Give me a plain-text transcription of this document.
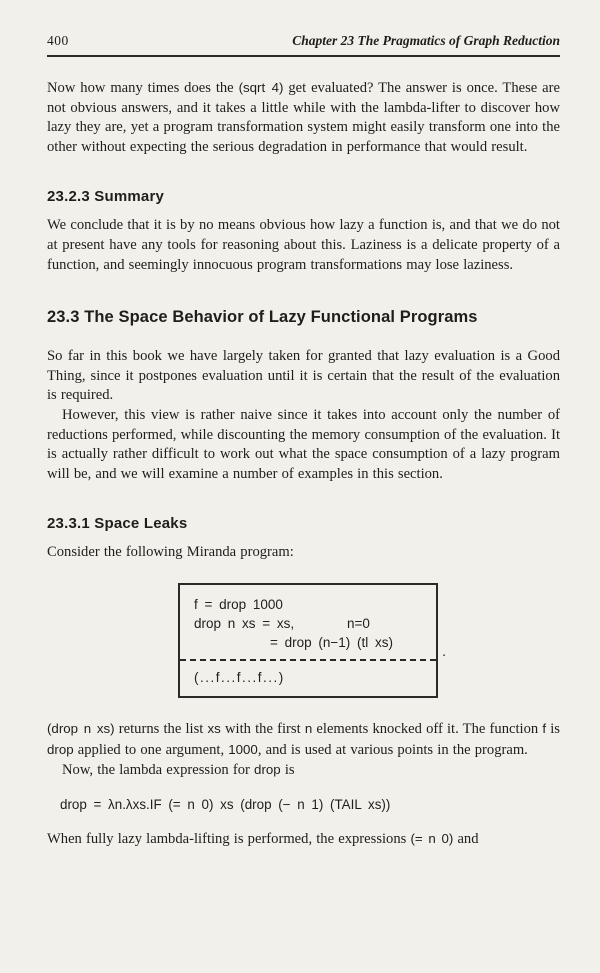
400	Chapter 23 The Pragmatics of Graph Reduction

Now how many times does the (sqrt 4) get evaluated? The answer is once. These are not obvious answers, and it takes a little while with the lambda-lifter to discover how lazy they are, yet a program transformation system might easily transform one into the other without expecting the serious degradation in performance that would result.

23.2.3 Summary

We conclude that it is by no means obvious how lazy a function is, and that we do not at present have any tools for reasoning about this. Laziness is a delicate property of a function, and seemingly innocuous program transformations may lose laziness.

23.3 The Space Behavior of Lazy Functional Programs

So far in this book we have largely taken for granted that lazy evaluation is a Good Thing, since it postpones evaluation until it is certain that the result of the evaluation is required.

However, this view is rather naive since it takes into account only the number of reductions performed, while discounting the memory consumption of the evaluation. It is actually rather difficult to work out what the space consumption of a lazy program will be, and we will examine a number of examples in this section.

23.3.1 Space Leaks

Consider the following Miranda program:

f = drop 1000
drop n xs = xs,	n=0
= drop (n−1) (tl xs)
(...f...f...f...)
.

(drop n xs) returns the list xs with the first n elements knocked off it. The function f is drop applied to one argument, 1000, and is used at various points in the program.

Now, the lambda expression for drop is

drop = λn.λxs.IF (= n 0) xs (drop (− n 1) (TAIL xs))

When fully lazy lambda-lifting is performed, the expressions (= n 0) and
